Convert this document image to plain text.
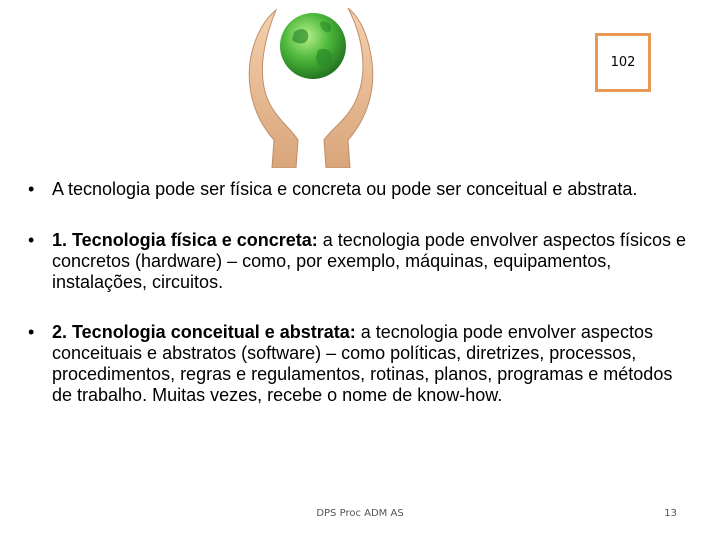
102
• A tecnologia pode ser física e concreta ou pode ser conceitual e abstrata.
• 1. Tecnologia física e concreta: a tecnologia pode envolver aspectos físicos e concretos (hardware) – como, por exemplo, máquinas, equipamentos, instalações, circuitos.
• 2. Tecnologia conceitual e abstrata: a tecnologia pode envolver aspectos conceituais e abstratos (software) – como políticas, diretrizes, processos, procedimentos, regras e regulamentos, rotinas, planos, programas e métodos de trabalho. Muitas vezes, recebe o nome de know-how.
DPS Proc ADM AS	13
